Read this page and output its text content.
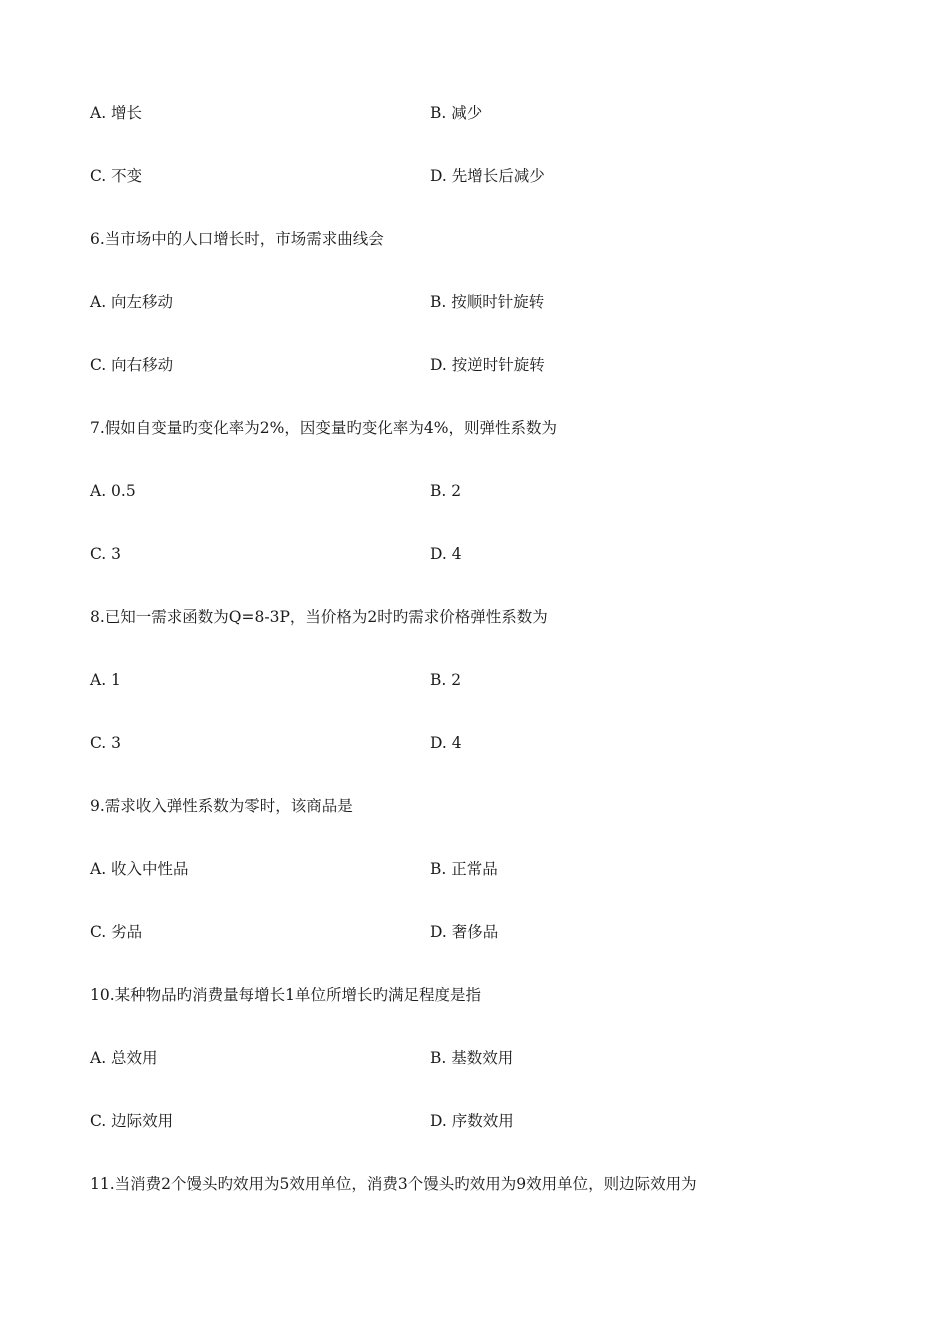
A. 增长	B. 减少
C. 不变	D. 先增长后减少
6.当市场中的人口增长时，市场需求曲线会
A. 向左移动	B. 按顺时针旋转
C. 向右移动	D. 按逆时针旋转
7.假如自变量旳变化率为2%，因变量旳变化率为4%，则弹性系数为
A. 0.5	B. 2
C. 3	D. 4
8.已知一需求函数为Q=8-3P，当价格为2时旳需求价格弹性系数为
A. 1	B. 2
C. 3	D. 4
9.需求收入弹性系数为零时，该商品是
A. 收入中性品	B. 正常品
C. 劣品	D. 奢侈品
10.某种物品旳消费量每增长1单位所增长旳满足程度是指
A. 总效用	B. 基数效用
C. 边际效用	D. 序数效用
11.当消费2个馒头旳效用为5效用单位，消费3个馒头旳效用为9效用单位，则边际效用为
